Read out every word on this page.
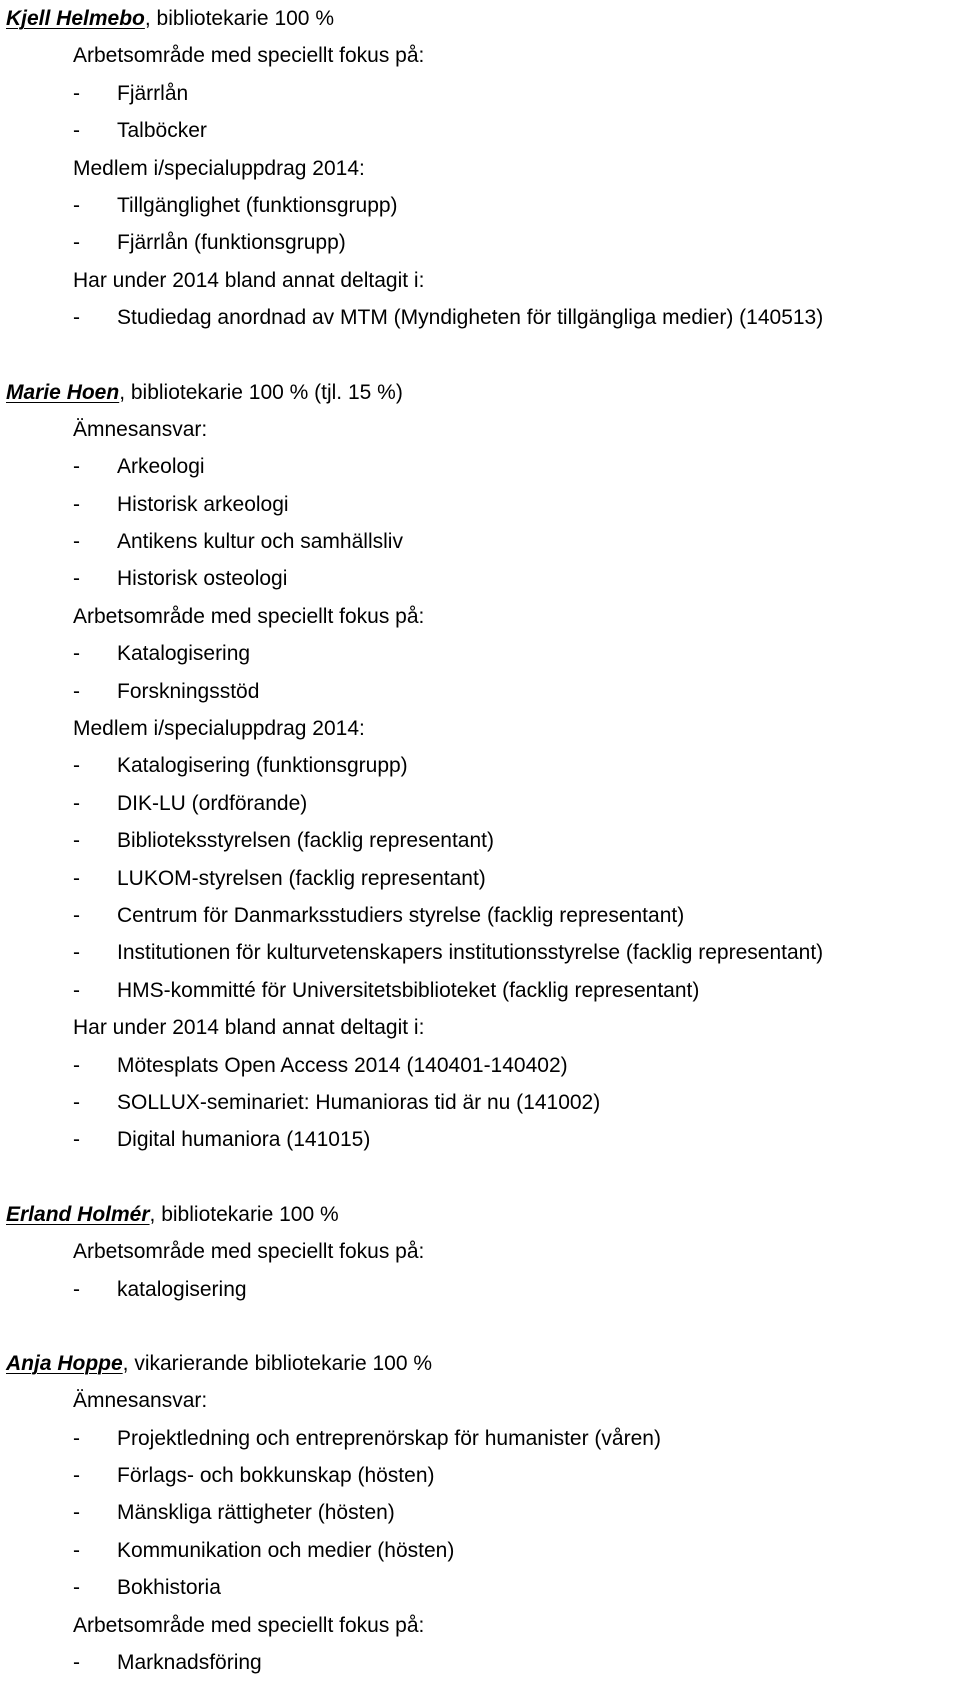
Kjell Helmebo, bibliotekarie 100 %
Arbetsområde med speciellt fokus på:
- Fjärrlån
- Talböcker
Medlem i/specialuppdrag 2014:
- Tillgänglighet (funktionsgrupp)
- Fjärrlån (funktionsgrupp)
Har under 2014 bland annat deltagit i:
- Studiedag anordnad av MTM (Myndigheten för tillgängliga medier) (140513)
Marie Hoen, bibliotekarie 100 % (tjl. 15 %)
Ämnesansvar:
- Arkeologi
- Historisk arkeologi
- Antikens kultur och samhällsliv
- Historisk osteologi
Arbetsområde med speciellt fokus på:
- Katalogisering
- Forskningsstöd
Medlem i/specialuppdrag 2014:
- Katalogisering (funktionsgrupp)
- DIK-LU (ordförande)
- Biblioteksstyrelsen (facklig representant)
- LUKOM-styrelsen (facklig representant)
- Centrum för Danmarksstudiers styrelse (facklig representant)
- Institutionen för kulturvetenskapers institutionsstyrelse (facklig representant)
- HMS-kommitté för Universitetsbiblioteket (facklig representant)
Har under 2014 bland annat deltagit i:
- Mötesplats Open Access 2014 (140401-140402)
- SOLLUX-seminariet: Humanioras tid är nu (141002)
- Digital humaniora (141015)
Erland Holmér, bibliotekarie 100 %
Arbetsområde med speciellt fokus på:
- katalogisering
Anja Hoppe, vikarierande bibliotekarie 100 %
Ämnesansvar:
- Projektledning och entreprenörskap för humanister (våren)
- Förlags- och bokkunskap (hösten)
- Mänskliga rättigheter (hösten)
- Kommunikation och medier (hösten)
- Bokhistoria
Arbetsområde med speciellt fokus på:
- Marknadsföring
